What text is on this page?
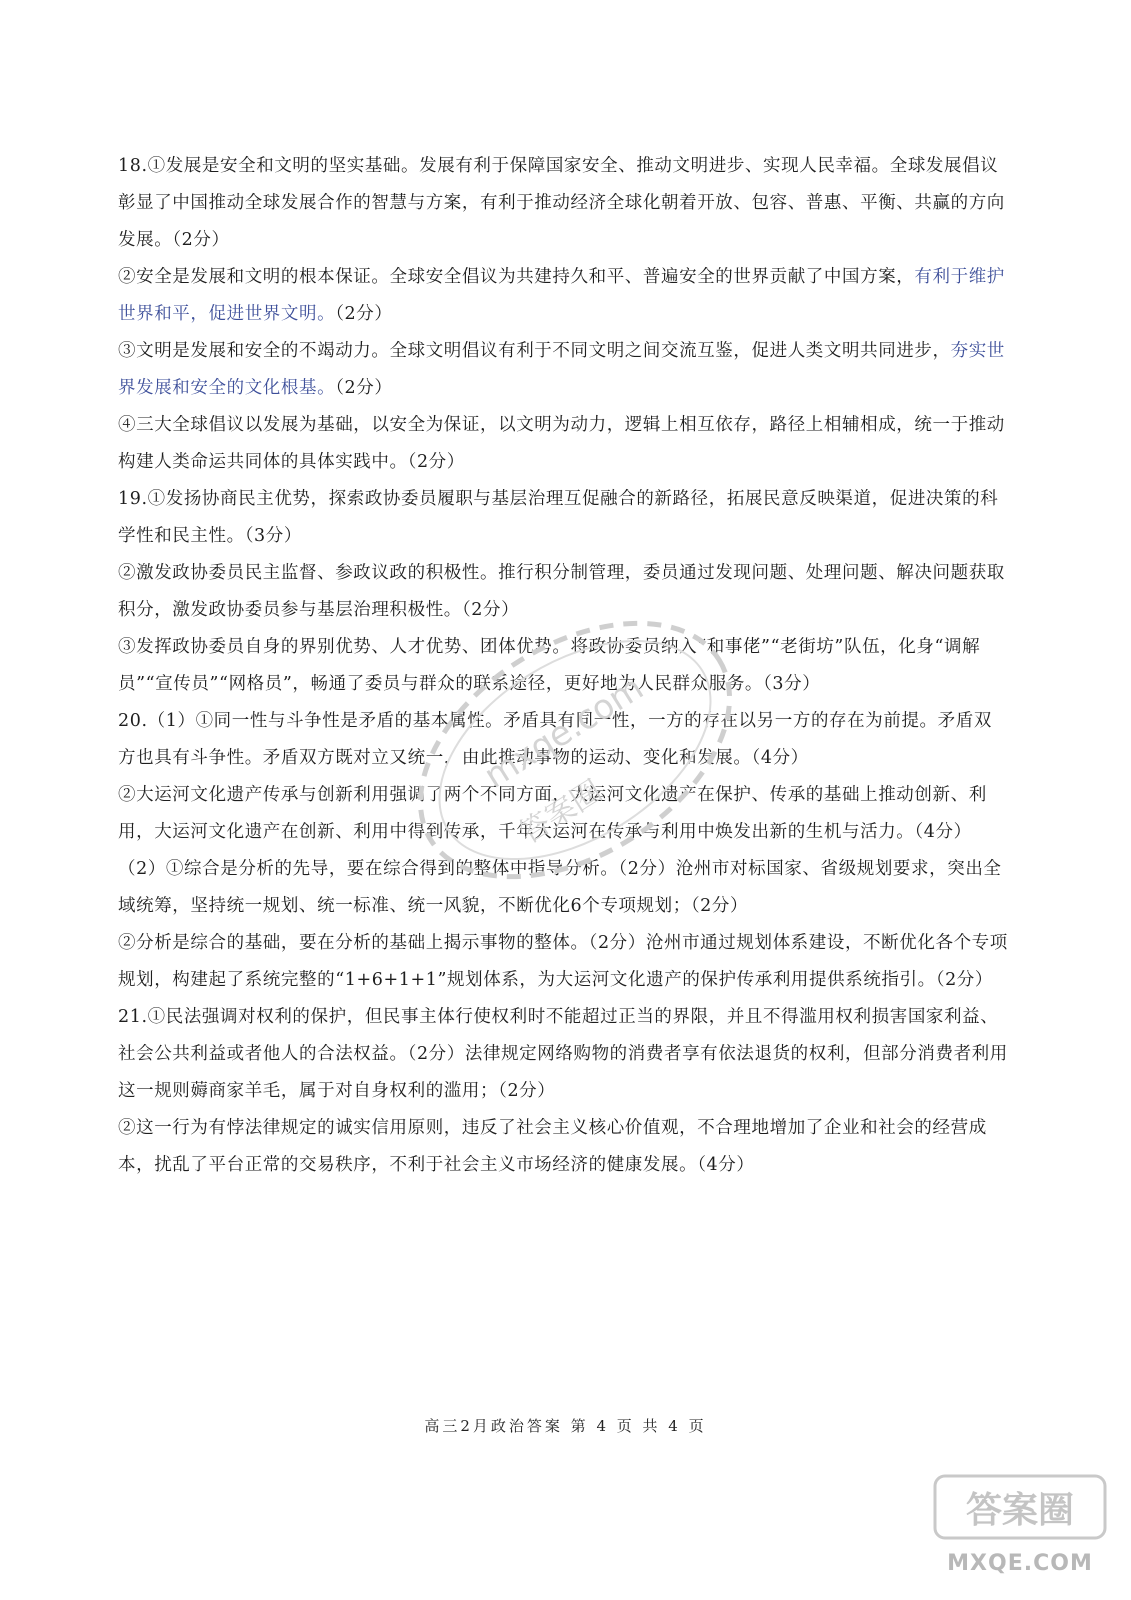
18.①发展是安全和文明的坚实基础。发展有利于保障国家安全、推动文明进步、实现人民幸福。全球发展倡议彰显了中国推动全球发展合作的智慧与方案，有利于推动经济全球化朝着开放、包容、普惠、平衡、共赢的方向发展。（2分）

②安全是发展和文明的根本保证。全球安全倡议为共建持久和平、普遍安全的世界贡献了中国方案，有利于维护世界和平，促进世界文明。（2分）

③文明是发展和安全的不竭动力。全球文明倡议有利于不同文明之间交流互鉴，促进人类文明共同进步，夯实世界发展和安全的文化根基。（2分）

④三大全球倡议以发展为基础，以安全为保证，以文明为动力，逻辑上相互依存，路径上相辅相成，统一于推动构建人类命运共同体的具体实践中。（2分）

19.①发扬协商民主优势，探索政协委员履职与基层治理互促融合的新路径，拓展民意反映渠道，促进决策的科学性和民主性。（3分）

②激发政协委员民主监督、参政议政的积极性。推行积分制管理，委员通过发现问题、处理问题、解决问题获取积分，激发政协委员参与基层治理积极性。（2分）

③发挥政协委员自身的界别优势、人才优势、团体优势。将政协委员纳入“和事佬”“老街坊”队伍，化身“调解员”“宣传员”“网格员”，畅通了委员与群众的联系途径，更好地为人民群众服务。（3分）

20.（1）①同一性与斗争性是矛盾的基本属性。矛盾具有同一性，一方的存在以另一方的存在为前提。矛盾双方也具有斗争性。矛盾双方既对立又统一，由此推动事物的运动、变化和发展。（4分）

②大运河文化遗产传承与创新利用强调了两个不同方面，大运河文化遗产在保护、传承的基础上推动创新、利用，大运河文化遗产在创新、利用中得到传承，千年大运河在传承与利用中焕发出新的生机与活力。（4分）

（2）①综合是分析的先导，要在综合得到的整体中指导分析。（2分）沧州市对标国家、省级规划要求，突出全域统筹，坚持统一规划、统一标准、统一风貌，不断优化6个专项规划；（2分）

②分析是综合的基础，要在分析的基础上揭示事物的整体。（2分）沧州市通过规划体系建设，不断优化各个专项规划，构建起了系统完整的“1+6+1+1”规划体系，为大运河文化遗产的保护传承利用提供系统指引。（2分）

21.①民法强调对权利的保护，但民事主体行使权利时不能超过正当的界限，并且不得滥用权利损害国家利益、社会公共利益或者他人的合法权益。（2分）法律规定网络购物的消费者享有依法退货的权利，但部分消费者利用这一规则薅商家羊毛，属于对自身权利的滥用；（2分）

②这一行为有悖法律规定的诚实信用原则，违反了社会主义核心价值观，不合理地增加了企业和社会的经营成本，扰乱了平台正常的交易秩序，不利于社会主义市场经济的健康发展。（4分）

mxqe.com
答案圈
高三2月政治答案 第 4 页 共 4 页
答案圈
MXQE.COM
